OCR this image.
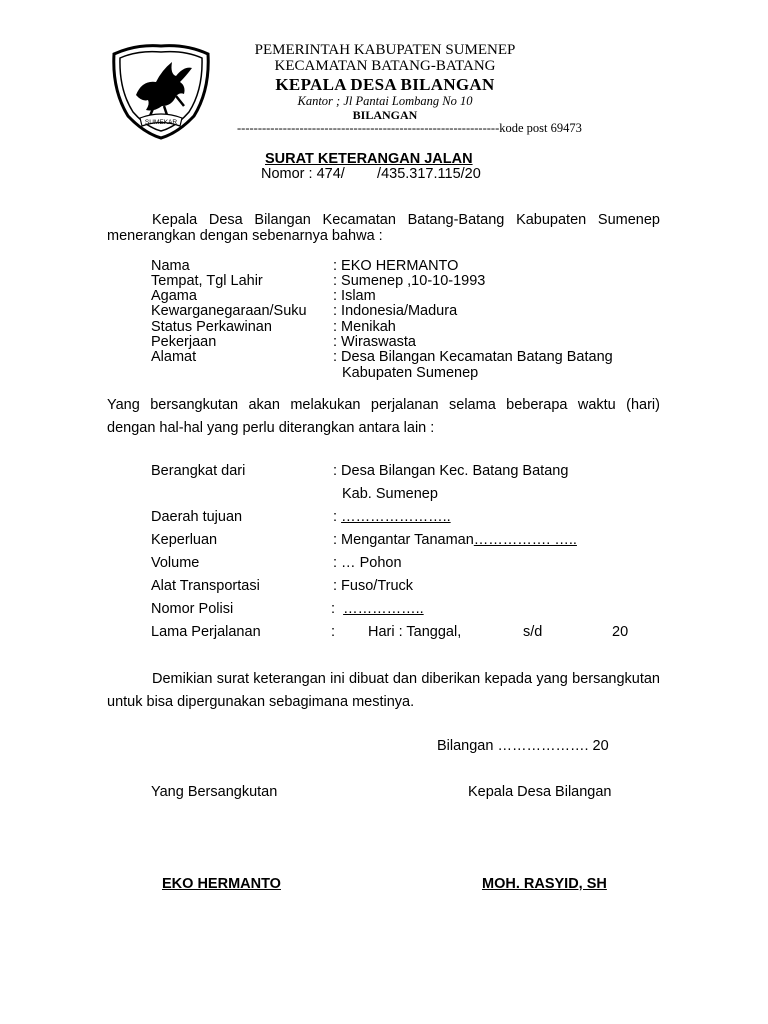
SUMEKAR
PEMERINTAH KABUPATEN SUMENEP
KECAMATAN BATANG-BATANG
KEPALA DESA BILANGAN
Kantor ; Jl Pantai Lombang No 10
BILANGAN
---------------------------------------------------------------kode post 69473
SURAT KETERANGAN JALAN
Nomor : 474/        /435.317.115/20
Kepala Desa Bilangan Kecamatan Batang-Batang Kabupaten Sumenep menerangkan dengan sebenarnya bahwa :
Nama	: EKO HERMANTO
Tempat, Tgl Lahir	: Sumenep ,10-10-1993
Agama	: Islam
Kewarganegaraan/Suku : Indonesia/Madura
Status Perkawinan	: Menikah
Pekerjaan	: Wiraswasta
Alamat	: Desa Bilangan Kecamatan Batang Batang
Kabupaten Sumenep
Yang bersangkutan akan melakukan perjalanan selama beberapa waktu (hari) dengan hal-hal yang perlu diterangkan antara lain :
Berangkat dari	: Desa Bilangan Kec. Batang Batang
Kab. Sumenep
Daerah tujuan	: …………………..
Keperluan	: Mengantar Tanaman……………. …..
Volume	: … Pohon
Alat Transportasi	: Fuso/Truck
Nomor Polisi	:  ……………..
Lama Perjalanan	: Hari : Tanggal,	s/d	20
Demikian surat keterangan ini dibuat dan diberikan kepada yang bersangkutan untuk bisa dipergunakan sebagimana mestinya.
Bilangan ………………. 20
Yang Bersangkutan	Kepala Desa Bilangan
EKO HERMANTO	MOH. RASYID, SH
